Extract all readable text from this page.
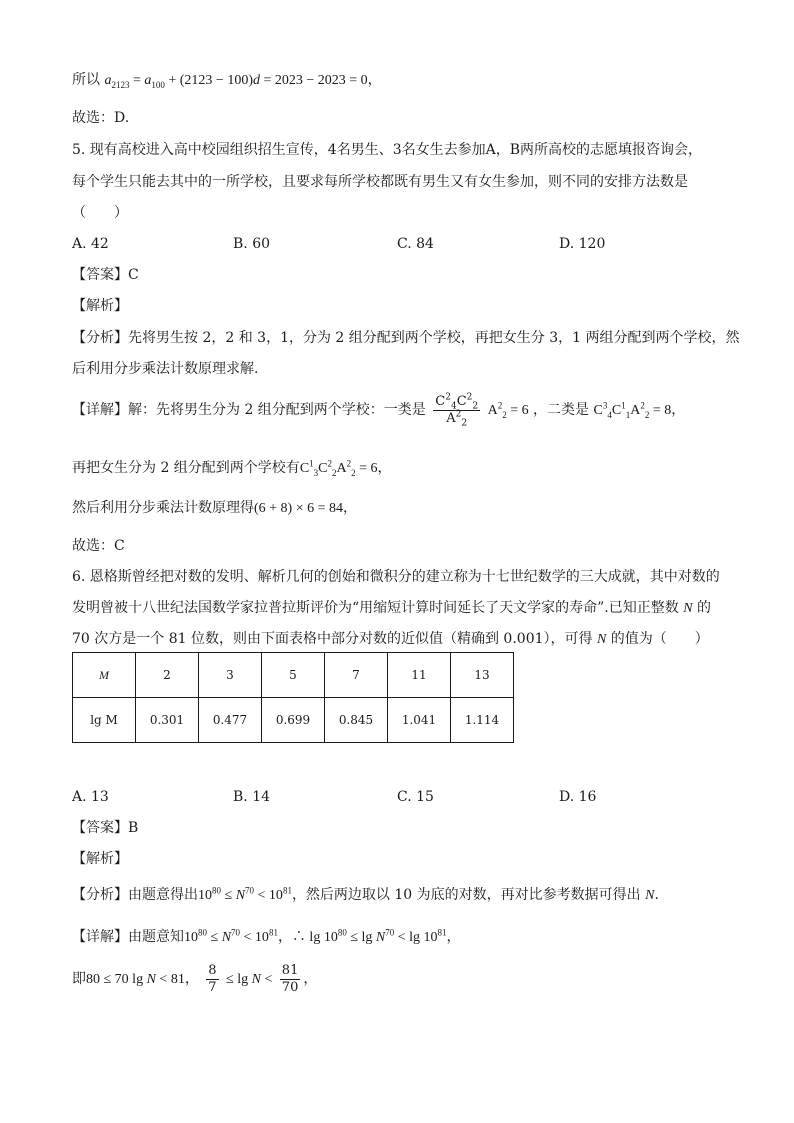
所以 $a_{2123} = a_{100} + (2123 - 100)d = 2023 - 2023 = 0$，
故选：D.
5. 现有高校进入高中校园组织招生宣传，4名男生、3名女生去参加A，B两所高校的志愿填报咨询会，
每个学生只能去其中的一所学校，且要求每所学校都既有男生又有女生参加，则不同的安排方法数是
（　　）
A. 42	B. 60	C. 84	D. 120
【答案】C
【解析】
【分析】先将男生按 2，2 和 3，1，分为 2 组分配到两个学校，再把女生分 3，1 两组分配到两个学校，然
后利用分步乘法计数原理求解.
【详解】解：先将男生分为 2 组分配到两个学校：一类是 $\frac{C^2_4C^2_2}{A^2_2} A^2_2 = 6$ ，二类是 $C^3_4C^1_1A^2_2 = 8$，
再把女生分为 2 组分配到两个学校有$C^1_3C^2_2A^2_2 = 6$，
然后利用分步乘法计数原理得(6 + 8) × 6 = 84，
故选：C
6. 恩格斯曾经把对数的发明、解析几何的创始和微积分的建立称为十七世纪数学的三大成就，其中对数的
发明曾被十八世纪法国数学家拉普拉斯评价为“用缩短计算时间延长了天文学家的寿命”.已知正整数 N 的
70 次方是一个 81 位数，则由下面表格中部分对数的近似值（精确到 0.001），可得 N 的值为（　　）
M	2	3	5	7	11	13
lg M	0.301	0.477	0.699	0.845	1.041	1.114
A. 13	B. 14	C. 15	D. 16
【答案】B
【解析】
【分析】由题意得出$10^{80} \le N^{70} < 10^{81}$，然后两边取以 10 为底的对数，再对比参考数据可得出 N.
【详解】由题意知$10^{80} \le N^{70} < 10^{81}$，∴ $\lg 10^{80} \le \lg N^{70} < \lg 10^{81}$，
即80 ≤ 70 lg N < 81， $\frac{8}{7} \le \lg N < \frac{81}{70}$ ，
